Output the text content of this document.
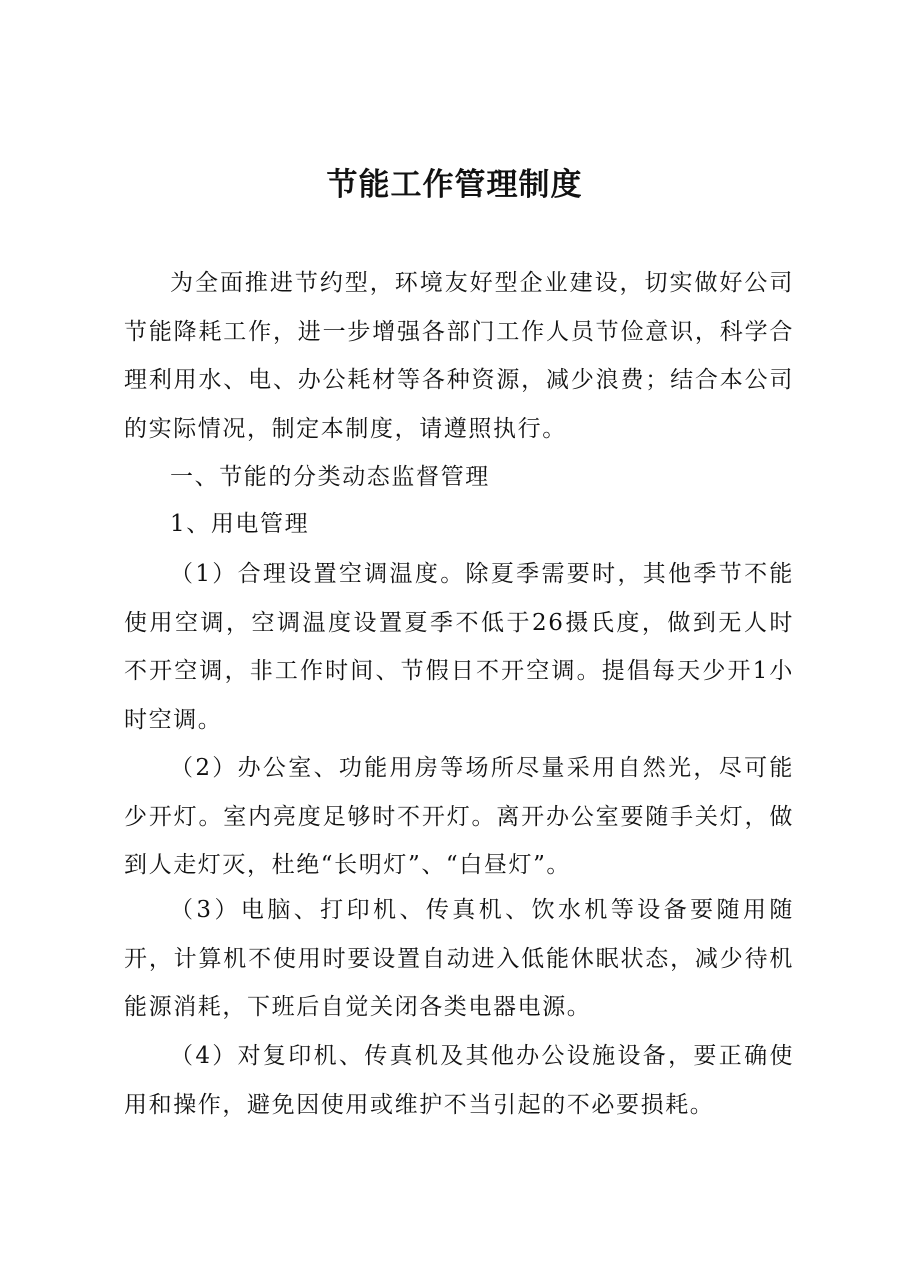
节能工作管理制度

为全面推进节约型，环境友好型企业建设，切实做好公司节能降耗工作，进一步增强各部门工作人员节俭意识，科学合理利用水、电、办公耗材等各种资源，减少浪费；结合本公司的实际情况，制定本制度，请遵照执行。

一、节能的分类动态监督管理

1、用电管理

（1）合理设置空调温度。除夏季需要时，其他季节不能使用空调，空调温度设置夏季不低于26摄氏度，做到无人时不开空调，非工作时间、节假日不开空调。提倡每天少开1小时空调。

（2）办公室、功能用房等场所尽量采用自然光，尽可能少开灯。室内亮度足够时不开灯。离开办公室要随手关灯，做到人走灯灭，杜绝“长明灯”、“白昼灯”。

（3）电脑、打印机、传真机、饮水机等设备要随用随开，计算机不使用时要设置自动进入低能休眠状态，减少待机能源消耗，下班后自觉关闭各类电器电源。

（4）对复印机、传真机及其他办公设施设备，要正确使用和操作，避免因使用或维护不当引起的不必要损耗。
